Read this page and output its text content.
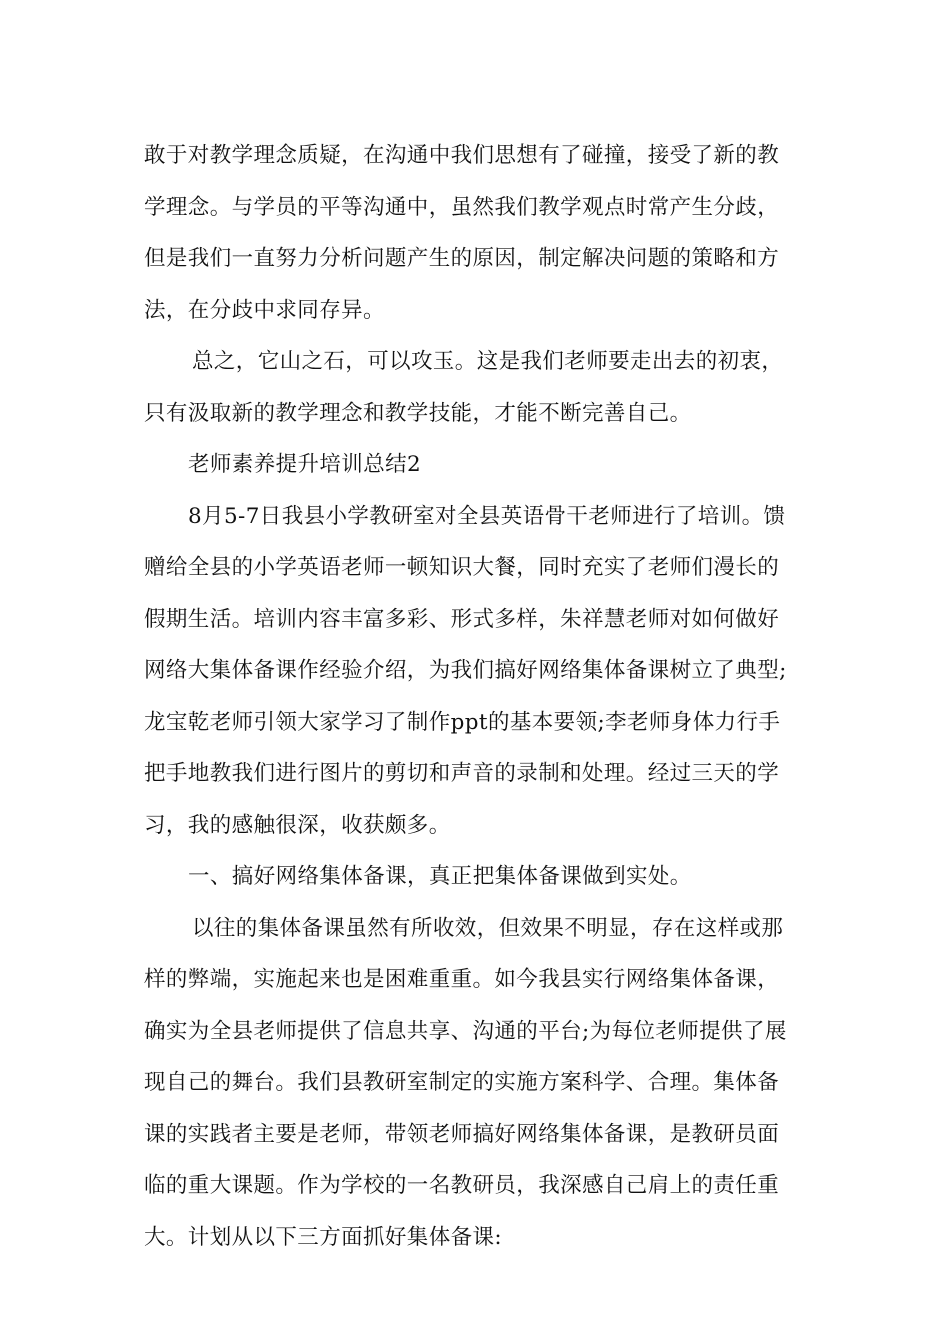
敢于对教学理念质疑，在沟通中我们思想有了碰撞，接受了新的教
学理念。与学员的平等沟通中，虽然我们教学观点时常产生分歧，
但是我们一直努力分析问题产生的原因，制定解决问题的策略和方
法，在分歧中求同存异。
总之，它山之石，可以攻玉。这是我们老师要走出去的初衷，
只有汲取新的教学理念和教学技能，才能不断完善自己。
老师素养提升培训总结2
8月5-7日我县小学教研室对全县英语骨干老师进行了培训。馈
赠给全县的小学英语老师一顿知识大餐，同时充实了老师们漫长的
假期生活。培训内容丰富多彩、形式多样，朱祥慧老师对如何做好
网络大集体备课作经验介绍，为我们搞好网络集体备课树立了典型;
龙宝乾老师引领大家学习了制作ppt的基本要领;李老师身体力行手
把手地教我们进行图片的剪切和声音的录制和处理。经过三天的学
习，我的感触很深，收获颇多。
一、搞好网络集体备课，真正把集体备课做到实处。
以往的集体备课虽然有所收效，但效果不明显，存在这样或那
样的弊端，实施起来也是困难重重。如今我县实行网络集体备课，
确实为全县老师提供了信息共享、沟通的平台;为每位老师提供了展
现自己的舞台。我们县教研室制定的实施方案科学、合理。集体备
课的实践者主要是老师，带领老师搞好网络集体备课，是教研员面
临的重大课题。作为学校的一名教研员，我深感自己肩上的责任重
大。计划从以下三方面抓好集体备课:
